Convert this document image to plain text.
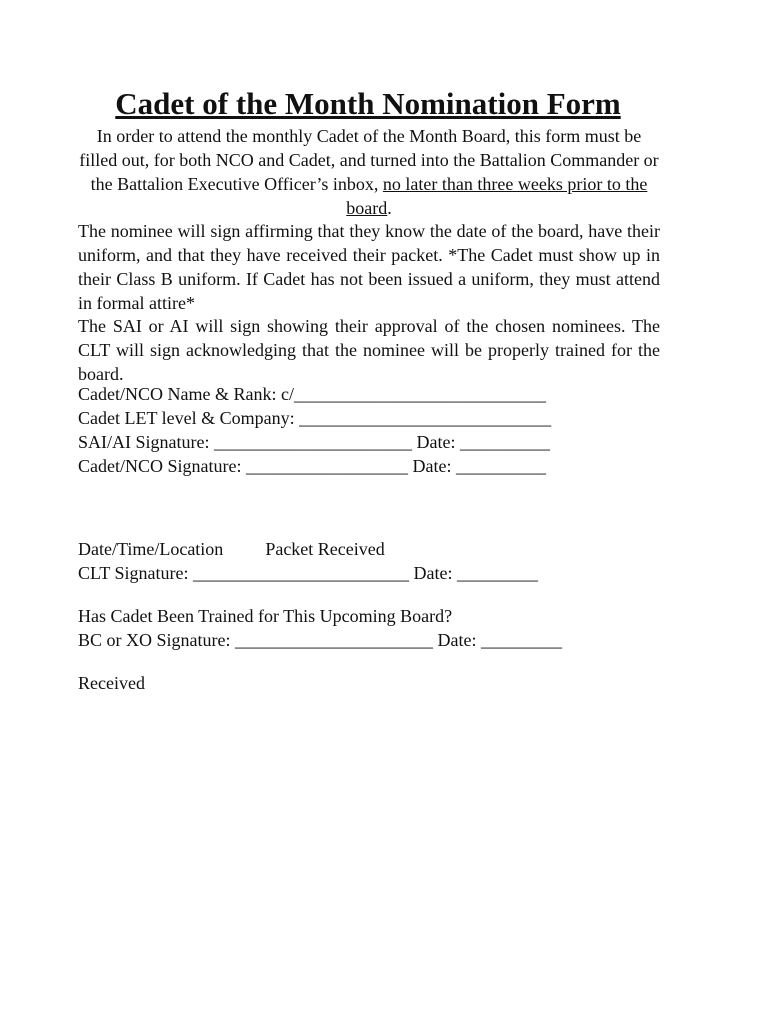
Cadet of the Month Nomination Form
In order to attend the monthly Cadet of the Month Board, this form must be filled out, for both NCO and Cadet, and turned into the Battalion Commander or the Battalion Executive Officer’s inbox, no later than three weeks prior to the board.
The nominee will sign affirming that they know the date of the board, have their uniform, and that they have received their packet. *The Cadet must show up in their Class B uniform. If Cadet has not been issued a uniform, they must attend in formal attire*
The SAI or AI will sign showing their approval of the chosen nominees. The CLT will sign acknowledging that the nominee will be properly trained for the board.
Cadet/NCO Name & Rank: c/____________________________
Cadet LET level & Company: ____________________________
SAI/AI Signature: ______________________ Date: __________
Cadet/NCO Signature: __________________ Date: __________
Date/Time/Location Packet Received
CLT Signature: ________________________ Date: _________
Has Cadet Been Trained for This Upcoming Board?
BC or XO Signature: ______________________ Date: _________
Received
